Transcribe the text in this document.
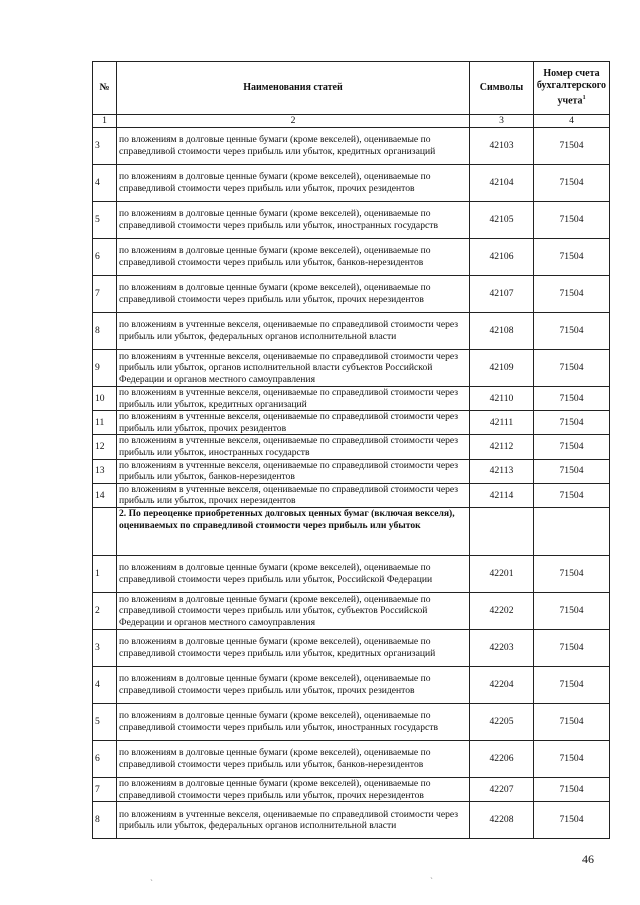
№	Наименования статей	Символы	Номер счета бухгалтерского учета$^1$
1	2	3	4
3	по вложениям в долговые ценные бумаги (кроме векселей), оцениваемые по справедливой стоимости через прибыль или убыток, кредитных организаций	42103	71504
4	по вложениям в долговые ценные бумаги (кроме векселей), оцениваемые по справедливой стоимости через прибыль или убыток, прочих резидентов	42104	71504
5	по вложениям в долговые ценные бумаги (кроме векселей), оцениваемые по справедливой стоимости через прибыль или убыток, иностранных государств	42105	71504
6	по вложениям в долговые ценные бумаги (кроме векселей), оцениваемые по справедливой стоимости через прибыль или убыток, банков-нерезидентов	42106	71504
7	по вложениям в долговые ценные бумаги (кроме векселей), оцениваемые по справедливой стоимости через прибыль или убыток, прочих нерезидентов	42107	71504
8	по вложениям в учтенные векселя, оцениваемые по справедливой стоимости через прибыль или убыток, федеральных органов исполнительной власти	42108	71504
9	по вложениям в учтенные векселя, оцениваемые по справедливой стоимости через прибыль или убыток, органов исполнительной власти субъектов Российской Федерации и органов местного самоуправления	42109	71504
10	по вложениям в учтенные векселя, оцениваемые по справедливой стоимости через прибыль или убыток, кредитных организаций	42110	71504
11	по вложениям в учтенные векселя, оцениваемые по справедливой стоимости через прибыль или убыток, прочих резидентов	42111	71504
12	по вложениям в учтенные векселя, оцениваемые по справедливой стоимости через прибыль или убыток, иностранных государств	42112	71504
13	по вложениям в учтенные векселя, оцениваемые по справедливой стоимости через прибыль или убыток, банков-нерезидентов	42113	71504
14	по вложениям в учтенные векселя, оцениваемые по справедливой стоимости через прибыль или убыток, прочих нерезидентов	42114	71504
	2. По переоценке приобретенных долговых ценных бумаг (включая векселя), оцениваемых по справедливой стоимости через прибыль или убыток		
1	по вложениям в долговые ценные бумаги (кроме векселей), оцениваемые по справедливой стоимости через прибыль или убыток, Российской Федерации	42201	71504
2	по вложениям в долговые ценные бумаги (кроме векселей), оцениваемые по справедливой стоимости через прибыль или убыток, субъектов Российской Федерации и органов местного самоуправления	42202	71504
3	по вложениям в долговые ценные бумаги (кроме векселей), оцениваемые по справедливой стоимости через прибыль или убыток, кредитных организаций	42203	71504
4	по вложениям в долговые ценные бумаги (кроме векселей), оцениваемые по справедливой стоимости через прибыль или убыток, прочих резидентов	42204	71504
5	по вложениям в долговые ценные бумаги (кроме векселей), оцениваемые по справедливой стоимости через прибыль или убыток, иностранных государств	42205	71504
6	по вложениям в долговые ценные бумаги (кроме векселей), оцениваемые по справедливой стоимости через прибыль или убыток, банков-нерезидентов	42206	71504
7	по вложениям в долговые ценные бумаги (кроме векселей), оцениваемые по справедливой стоимости через прибыль или убыток, прочих нерезидентов	42207	71504
8	по вложениям в учтенные векселя, оцениваемые по справедливой стоимости через прибыль или убыток, федеральных органов исполнительной власти	42208	71504
46
`	`
